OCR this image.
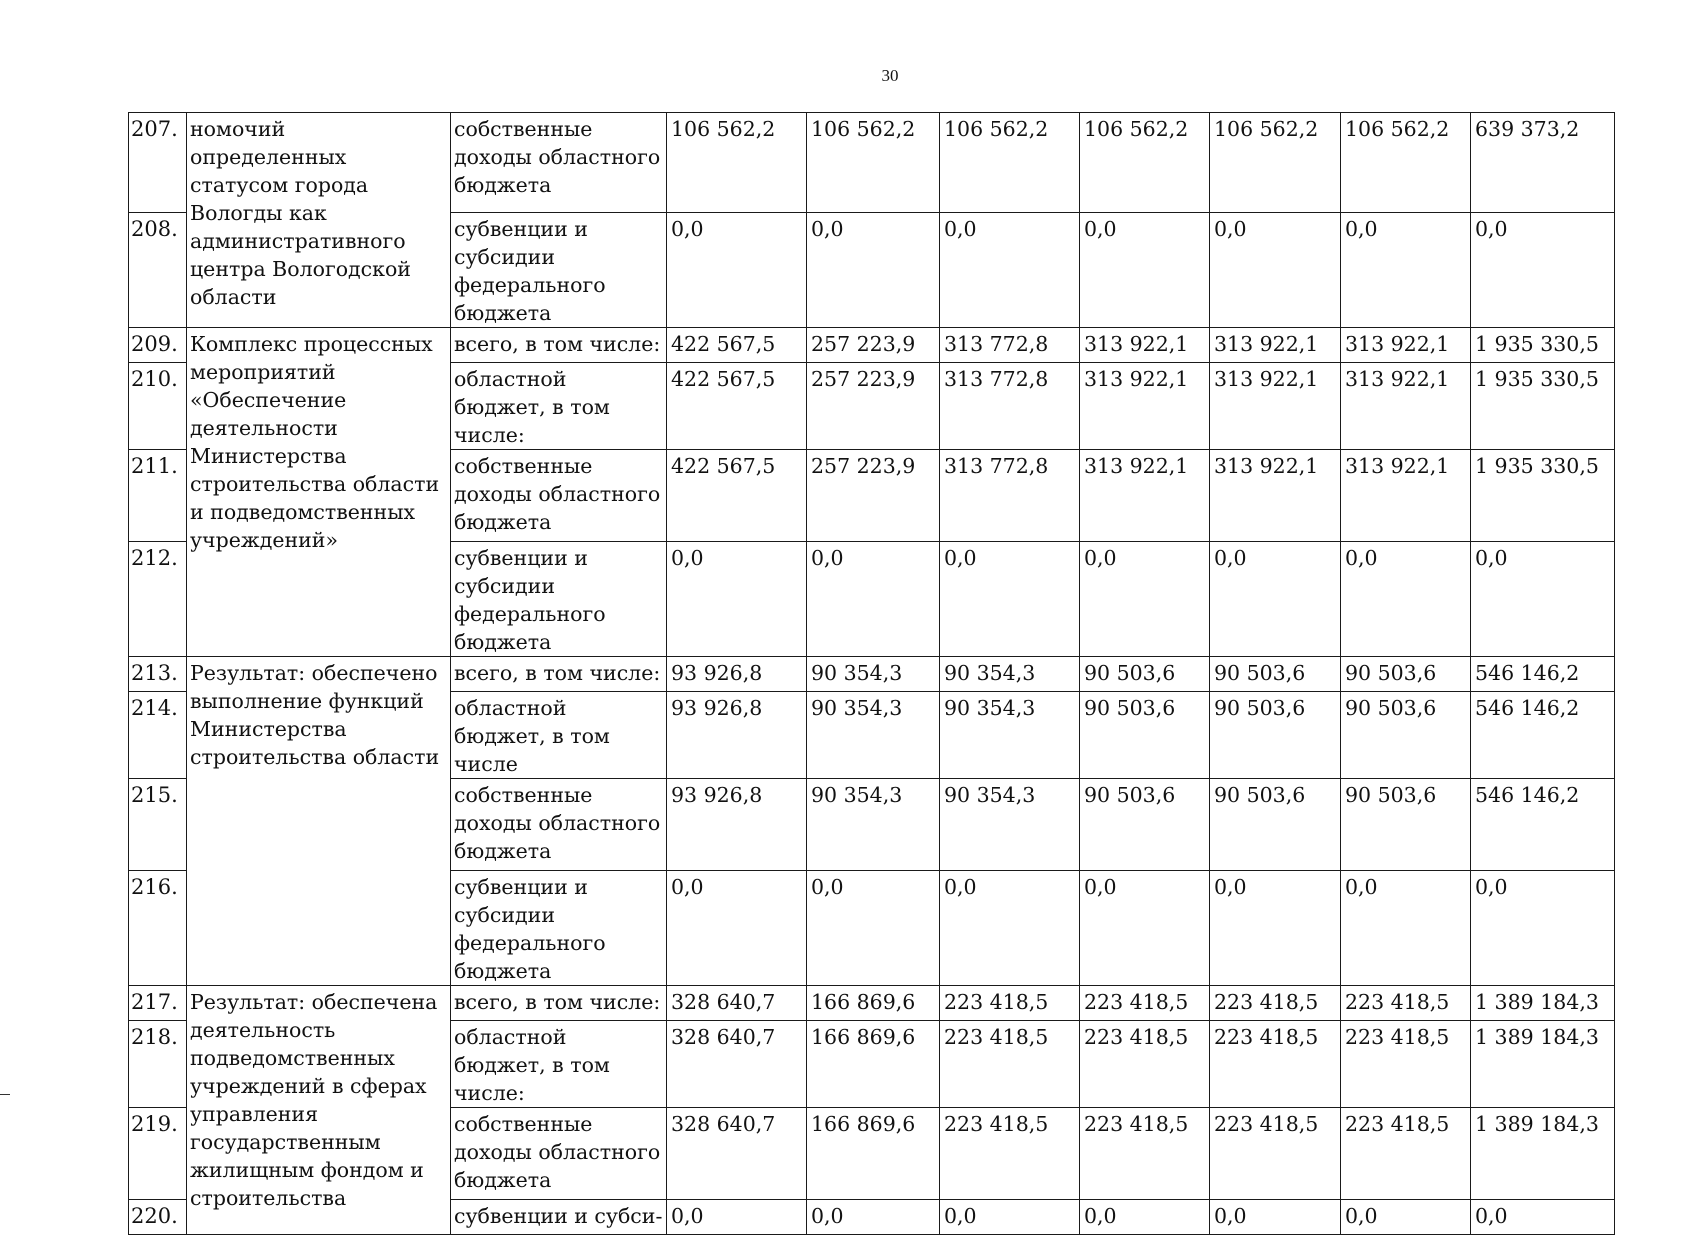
30
207.	номочий определенных статусом города Вологды как административного центра Вологодской области	собственные доходы областного бюджета	106 562,2	106 562,2	106 562,2	106 562,2	106 562,2	106 562,2	639 373,2
208.		субвенции и субсидии федерального бюджета	0,0	0,0	0,0	0,0	0,0	0,0	0,0
209.	Комплекс процессных мероприятий «Обеспечение деятельности Министерства строительства области и подведомственных учреждений»	всего, в том числе:	422 567,5	257 223,9	313 772,8	313 922,1	313 922,1	313 922,1	1 935 330,5
210.		областной бюджет, в том числе:	422 567,5	257 223,9	313 772,8	313 922,1	313 922,1	313 922,1	1 935 330,5
211.		собственные доходы областного бюджета	422 567,5	257 223,9	313 772,8	313 922,1	313 922,1	313 922,1	1 935 330,5
212.		субвенции и субсидии федерального бюджета	0,0	0,0	0,0	0,0	0,0	0,0	0,0
213.	Результат: обеспечено выполнение функций Министерства строительства области	всего, в том числе:	93 926,8	90 354,3	90 354,3	90 503,6	90 503,6	90 503,6	546 146,2
214.		областной бюджет, в том числе	93 926,8	90 354,3	90 354,3	90 503,6	90 503,6	90 503,6	546 146,2
215.		собственные доходы областного бюджета	93 926,8	90 354,3	90 354,3	90 503,6	90 503,6	90 503,6	546 146,2
216.		субвенции и субсидии федерального бюджета	0,0	0,0	0,0	0,0	0,0	0,0	0,0
217.	Результат: обеспечена деятельность подведомственных учреждений в сферах управления государственным жилищным фондом и строительства	всего, в том числе:	328 640,7	166 869,6	223 418,5	223 418,5	223 418,5	223 418,5	1 389 184,3
218.		областной бюджет, в том числе:	328 640,7	166 869,6	223 418,5	223 418,5	223 418,5	223 418,5	1 389 184,3
219.		собственные доходы областного бюджета	328 640,7	166 869,6	223 418,5	223 418,5	223 418,5	223 418,5	1 389 184,3
220.		субвенции и субси-	0,0	0,0	0,0	0,0	0,0	0,0	0,0
